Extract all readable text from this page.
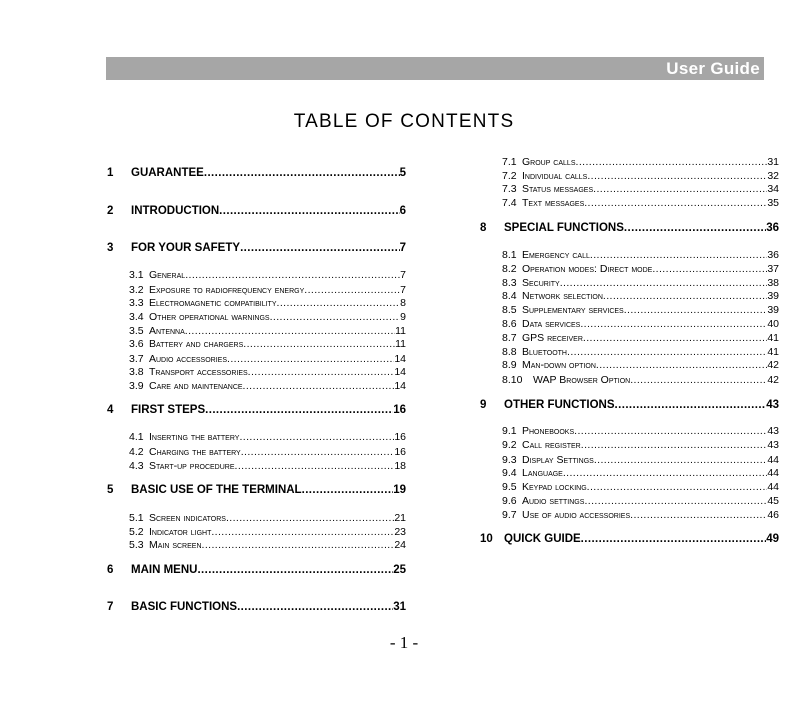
User Guide
TABLE OF CONTENTS
1	GUARANTEE .....	5
2	INTRODUCTION .....	6
3	FOR YOUR SAFETY .....	7
3.1 General .....	7
3.2 Exposure to radiofrequency energy .....	7
3.3 Electromagnetic compatibility .....	8
3.4 Other operational warnings .....	9
3.5 Antenna .....	11
3.6 Battery and chargers .....	11
3.7 Audio accessories .....	14
3.8 Transport accessories .....	14
3.9 Care and maintenance .....	14
4	FIRST STEPS .....	16
4.1 Inserting the battery .....	16
4.2 Charging the battery .....	16
4.3 Start-up procedure .....	18
5	BASIC USE OF THE TERMINAL .....	19
5.1 Screen indicators .....	21
5.2 Indicator light .....	23
5.3 Main screen .....	24
6	MAIN MENU .....	25
7	BASIC FUNCTIONS .....	31
7.1 Group calls .....	31
7.2 Individual calls .....	32
7.3 Status messages .....	34
7.4 Text messages .....	35
8	SPECIAL FUNCTIONS .....	36
8.1 Emergency call .....	36
8.2 Operation modes: Direct mode .....	37
8.3 Security .....	38
8.4 Network selection .....	39
8.5 Supplementary services .....	39
8.6 Data services .....	40
8.7 GPS receiver .....	41
8.8 Bluetooth .....	41
8.9 Man-down option .....	42
8.10	WAP Browser Option .....	42
9	OTHER FUNCTIONS .....	43
9.1 Phonebooks .....	43
9.2 Call register .....	43
9.3 Display Settings .....	44
9.4 Language .....	44
9.5 Keypad locking .....	44
9.6 Audio settings .....	45
9.7 Use of audio accessories .....	46
10 QUICK GUIDE .....	49
- 1 -
